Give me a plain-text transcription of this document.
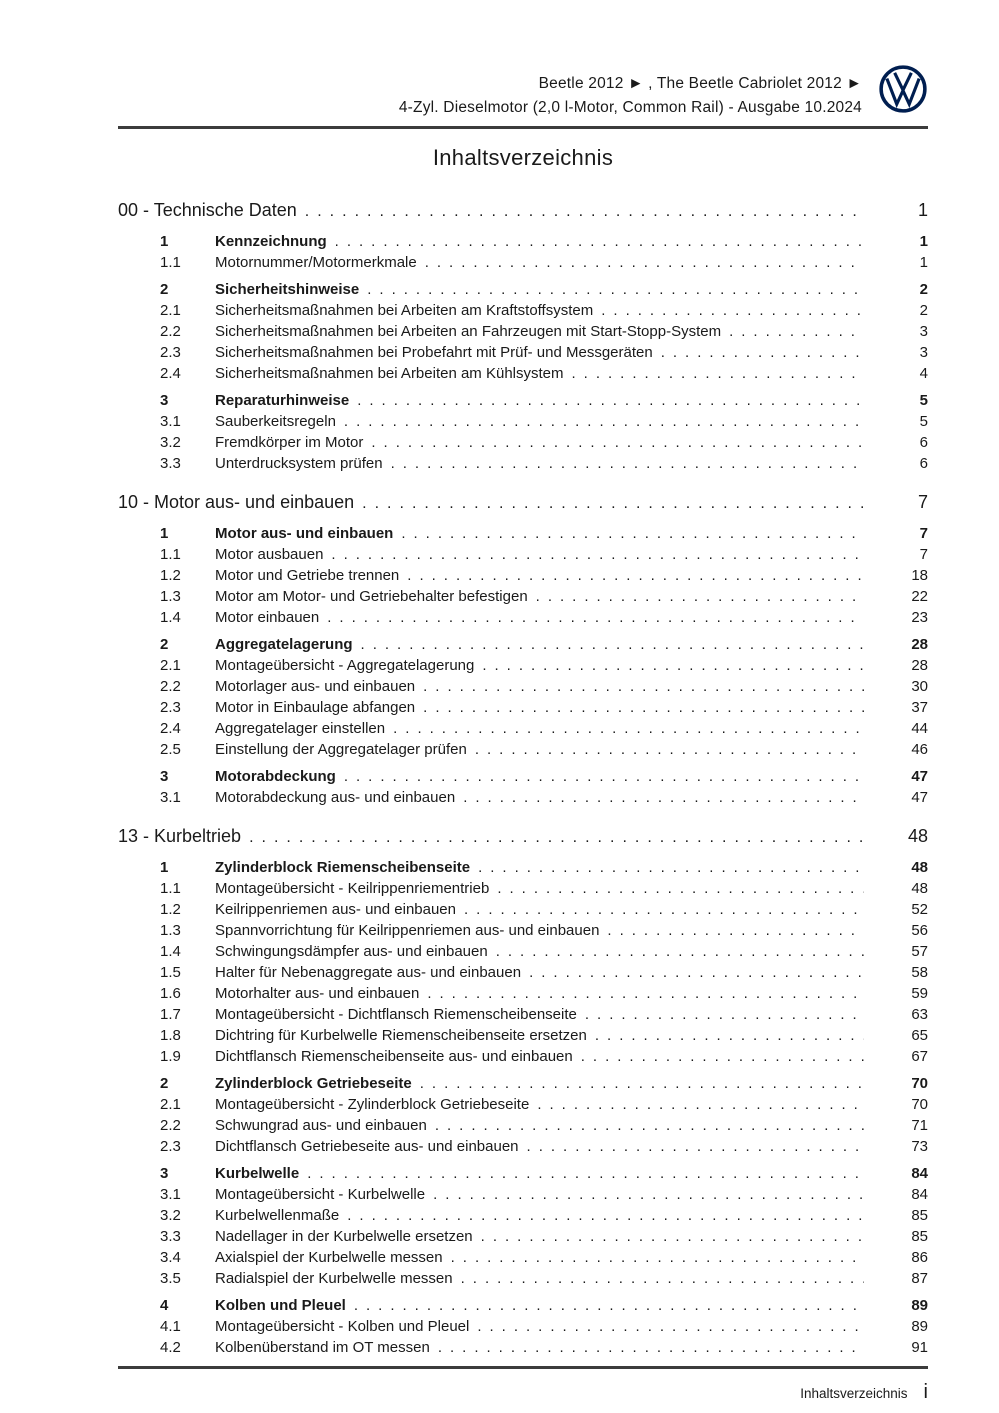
Beetle 2012 ► , The Beetle Cabriolet 2012 ►
4-Zyl. Dieselmotor (2,0 l-Motor, Common Rail) - Ausgabe 10.2024
Inhaltsverzeichnis
00 - Technische Daten .....	1
1	Kennzeichnung .....	1
1.1	Motornummer/Motormerkmale .....	1
2	Sicherheitshinweise .....	2
2.1	Sicherheitsmaßnahmen bei Arbeiten am Kraftstoffsystem .....	2
2.2	Sicherheitsmaßnahmen bei Arbeiten an Fahrzeugen mit Start-Stopp-System .....	3
2.3	Sicherheitsmaßnahmen bei Probefahrt mit Prüf- und Messgeräten .....	3
2.4	Sicherheitsmaßnahmen bei Arbeiten am Kühlsystem .....	4
3	Reparaturhinweise .....	5
3.1	Sauberkeitsregeln .....	5
3.2	Fremdkörper im Motor .....	6
3.3	Unterdrucksystem prüfen .....	6
10 - Motor aus- und einbauen .....	7
1	Motor aus- und einbauen .....	7
1.1	Motor ausbauen .....	7
1.2	Motor und Getriebe trennen .....	18
1.3	Motor am Motor- und Getriebehalter befestigen .....	22
1.4	Motor einbauen .....	23
2	Aggregatelagerung .....	28
2.1	Montageübersicht - Aggregatelagerung .....	28
2.2	Motorlager aus- und einbauen .....	30
2.3	Motor in Einbaulage abfangen .....	37
2.4	Aggregatelager einstellen .....	44
2.5	Einstellung der Aggregatelager prüfen .....	46
3	Motorabdeckung .....	47
3.1	Motorabdeckung aus- und einbauen .....	47
13 - Kurbeltrieb .....	48
1	Zylinderblock Riemenscheibenseite .....	48
1.1	Montageübersicht - Keilrippenriementrieb .....	48
1.2	Keilrippenriemen aus- und einbauen .....	52
1.3	Spannvorrichtung für Keilrippenriemen aus- und einbauen .....	56
1.4	Schwingungsdämpfer aus- und einbauen .....	57
1.5	Halter für Nebenaggregate aus- und einbauen .....	58
1.6	Motorhalter aus- und einbauen .....	59
1.7	Montageübersicht - Dichtflansch Riemenscheibenseite .....	63
1.8	Dichtring für Kurbelwelle Riemenscheibenseite ersetzen .....	65
1.9	Dichtflansch Riemenscheibenseite aus- und einbauen .....	67
2	Zylinderblock Getriebeseite .....	70
2.1	Montageübersicht - Zylinderblock Getriebeseite .....	70
2.2	Schwungrad aus- und einbauen .....	71
2.3	Dichtflansch Getriebeseite aus- und einbauen .....	73
3	Kurbelwelle .....	84
3.1	Montageübersicht - Kurbelwelle .....	84
3.2	Kurbelwellenmaße .....	85
3.3	Nadellager in der Kurbelwelle ersetzen .....	85
3.4	Axialspiel der Kurbelwelle messen .....	86
3.5	Radialspiel der Kurbelwelle messen .....	87
4	Kolben und Pleuel .....	89
4.1	Montageübersicht - Kolben und Pleuel .....	89
4.2	Kolbenüberstand im OT messen .....	91
Inhaltsverzeichnis i
